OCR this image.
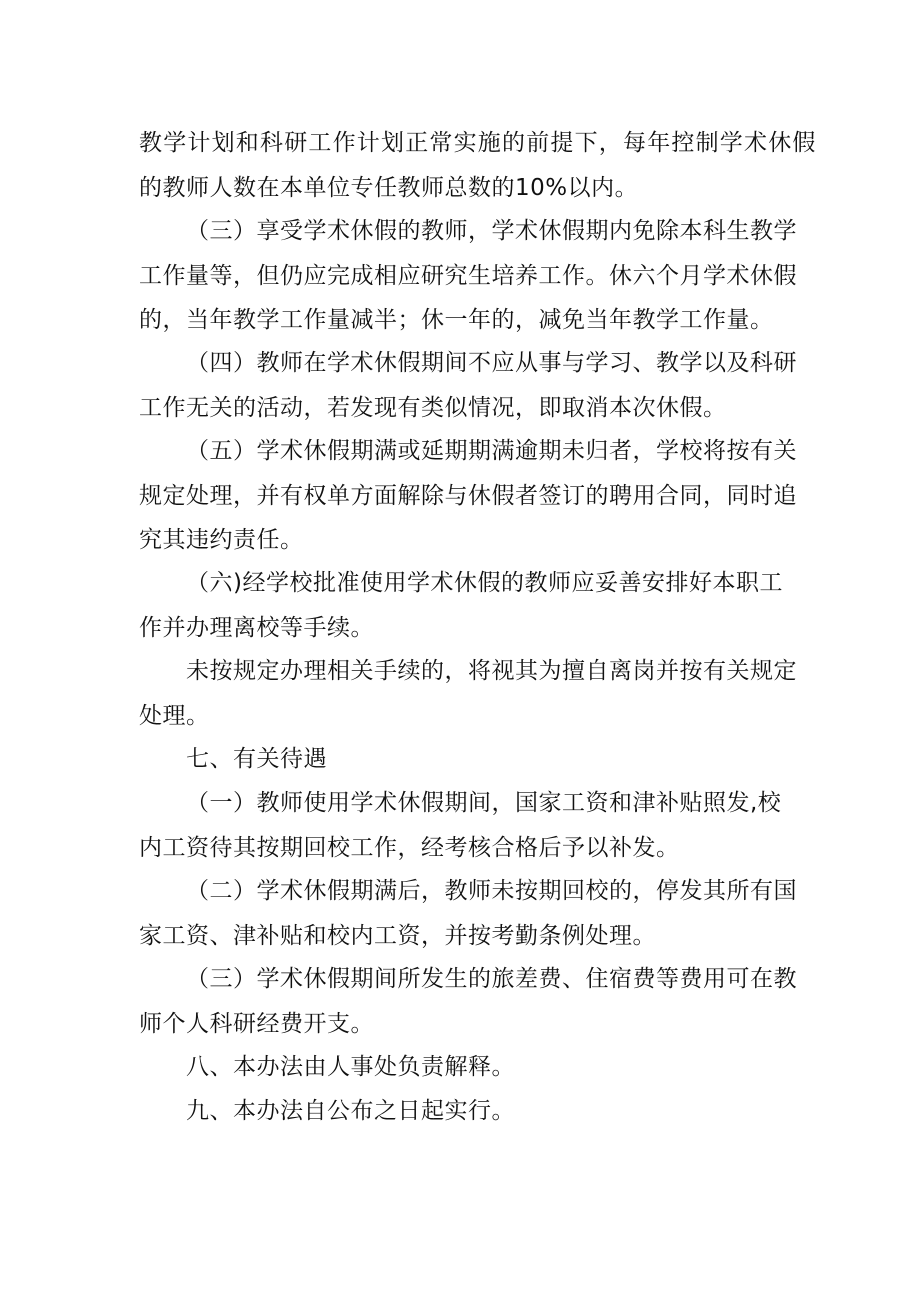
教学计划和科研工作计划正常实施的前提下，每年控制学术休假

的教师人数在本单位专任教师总数的10%以内。

（三）享受学术休假的教师，学术休假期内免除本科生教学

工作量等，但仍应完成相应研究生培养工作。休六个月学术休假

的，当年教学工作量减半；休一年的，减免当年教学工作量。

（四）教师在学术休假期间不应从事与学习、教学以及科研

工作无关的活动，若发现有类似情况，即取消本次休假。

（五）学术休假期满或延期期满逾期未归者，学校将按有关

规定处理，并有权单方面解除与休假者签订的聘用合同，同时追

究其违约责任。

（六)经学校批准使用学术休假的教师应妥善安排好本职工

作并办理离校等手续。

未按规定办理相关手续的，将视其为擅自离岗并按有关规定

处理。

七、有关待遇

（一）教师使用学术休假期间，国家工资和津补贴照发,校

内工资待其按期回校工作，经考核合格后予以补发。

（二）学术休假期满后，教师未按期回校的，停发其所有国

家工资、津补贴和校内工资，并按考勤条例处理。

（三）学术休假期间所发生的旅差费、住宿费等费用可在教

师个人科研经费开支。

八、本办法由人事处负责解释。

九、本办法自公布之日起实行。
